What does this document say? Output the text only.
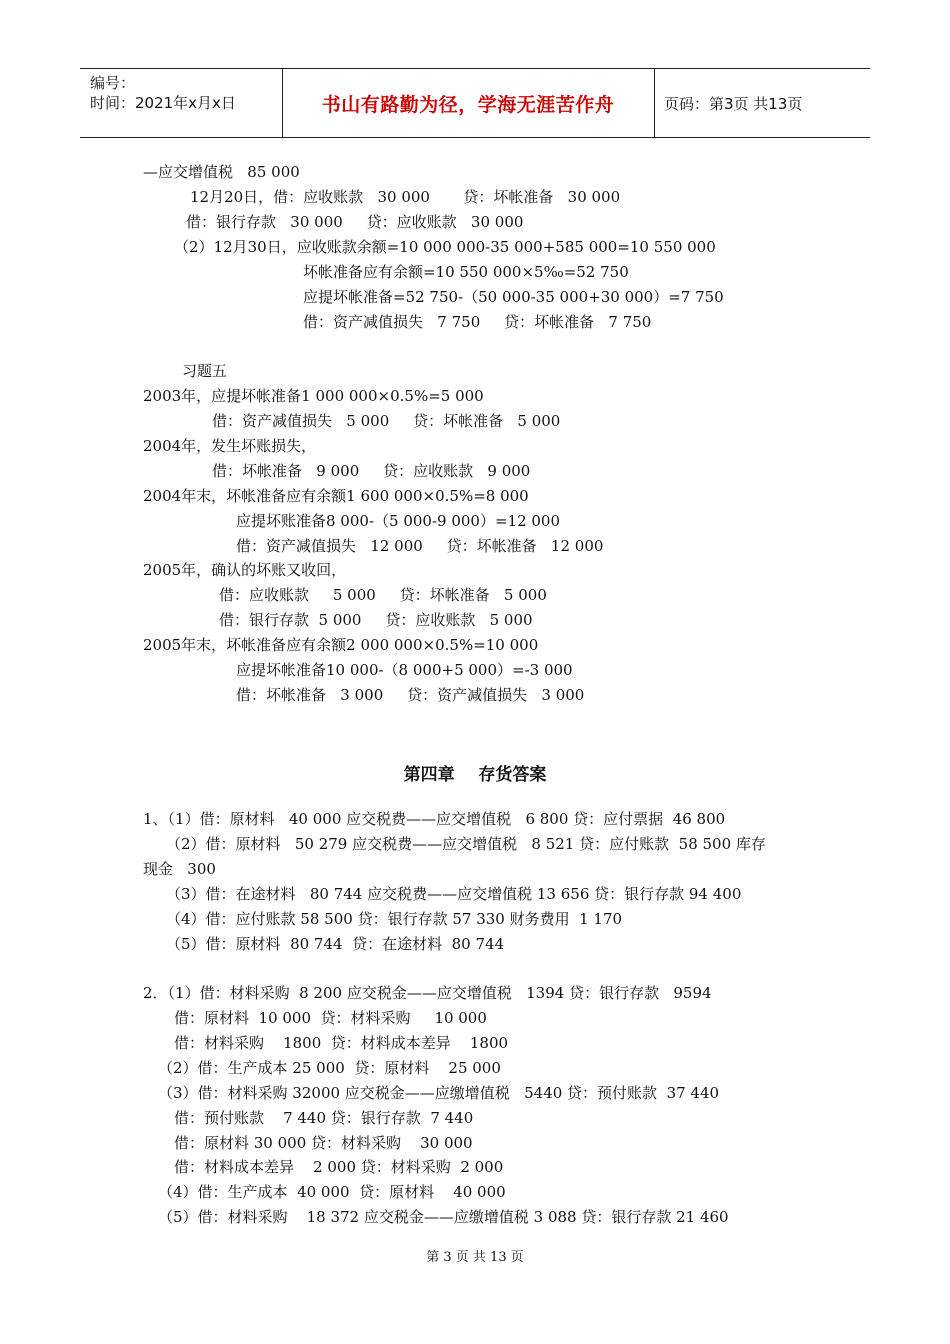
编号：
时间：2021年x月x日	书山有路勤为径，学海无涯苦作舟	页码：第3页 共13页
—应交增值税   85 000
12月20日，借：应收账款   30 000       贷：坏帐准备   30 000
借：银行存款   30 000     贷：应收账款   30 000
（2）12月30日，应收账款余额=10 000 000-35 000+585 000=10 550 000
坏帐准备应有余额=10 550 000×5‰=52 750
应提坏帐准备=52 750-（50 000-35 000+30 000）=7 750
借：资产减值损失   7 750     贷：坏帐准备   7 750
习题五
2003年，应提坏帐准备1 000 000×0.5%=5 000
借：资产减值损失   5 000     贷：坏帐准备   5 000
2004年，发生坏账损失，
借：坏帐准备   9 000     贷：应收账款   9 000
2004年末，坏帐准备应有余额1 600 000×0.5%=8 000
应提坏账准备8 000-（5 000-9 000）=12 000
借：资产减值损失   12 000     贷：坏帐准备   12 000
2005年，确认的坏账又收回，
借：应收账款     5 000     贷：坏帐准备   5 000
借：银行存款  5 000     贷：应收账款   5 000
2005年末，坏帐准备应有余额2 000 000×0.5%=10 000
应提坏帐准备10 000-（8 000+5 000）=-3 000
借：坏帐准备   3 000     贷：资产减值损失   3 000
第四章    存货答案
1、（1）借：原材料   40 000 应交税费——应交增值税   6 800 贷：应付票据  46 800
（2）借：原材料   50 279 应交税费——应交增值税   8 521 贷：应付账款  58 500 库存
现金   300
（3）借：在途材料   80 744 应交税费——应交增值税 13 656 贷：银行存款 94 400
（4）借：应付账款 58 500 贷：银行存款 57 330 财务费用  1 170
（5）借：原材料  80 744  贷：在途材料  80 744
2．（1）借：材料采购  8 200 应交税金——应交增值税   1394 贷：银行存款   9594
借：原材料  10 000  贷：材料采购     10 000
借：材料采购    1800  贷：材料成本差异    1800
（2）借：生产成本 25 000  贷：原材料    25 000
（3）借：材料采购 32000 应交税金——应缴增值税   5440 贷：预付账款  37 440
借：预付账款    7 440 贷：银行存款  7 440
借：原材料 30 000 贷：材料采购    30 000
借：材料成本差异    2 000 贷：材料采购  2 000
（4）借：生产成本  40 000  贷：原材料    40 000
（5）借：材料采购    18 372 应交税金——应缴增值税 3 088 贷：银行存款 21 460
第 3 页 共 13 页
